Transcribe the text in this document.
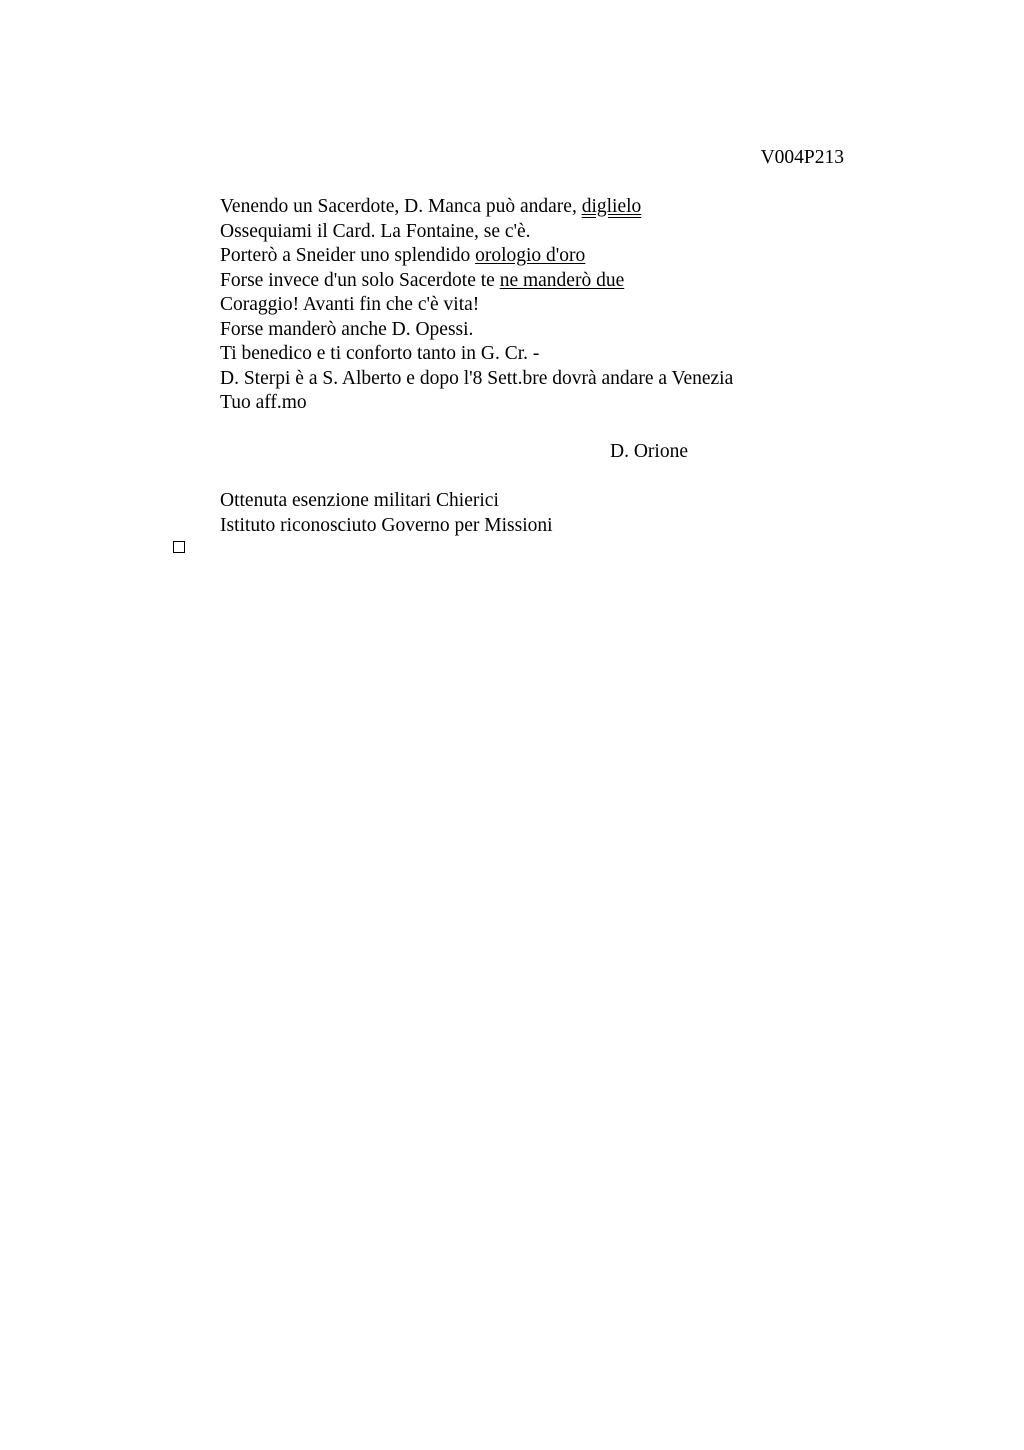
V004P213
Venendo un Sacerdote, D. Manca può andare, diglielo
Ossequiami il Card. La Fontaine, se c'è.
Porterò a Sneider uno splendido orologio d'oro
Forse invece d'un solo Sacerdote te ne manderò due
Coraggio! Avanti fin che c'è vita!
Forse manderò anche D. Opessi.
Ti benedico e ti conforto tanto in G. Cr. -
D. Sterpi è a S. Alberto e dopo l'8 Sett.bre dovrà andare a Venezia
Tuo aff.mo
D. Orione
Ottenuta esenzione militari Chierici
Istituto riconosciuto Governo per Missioni
